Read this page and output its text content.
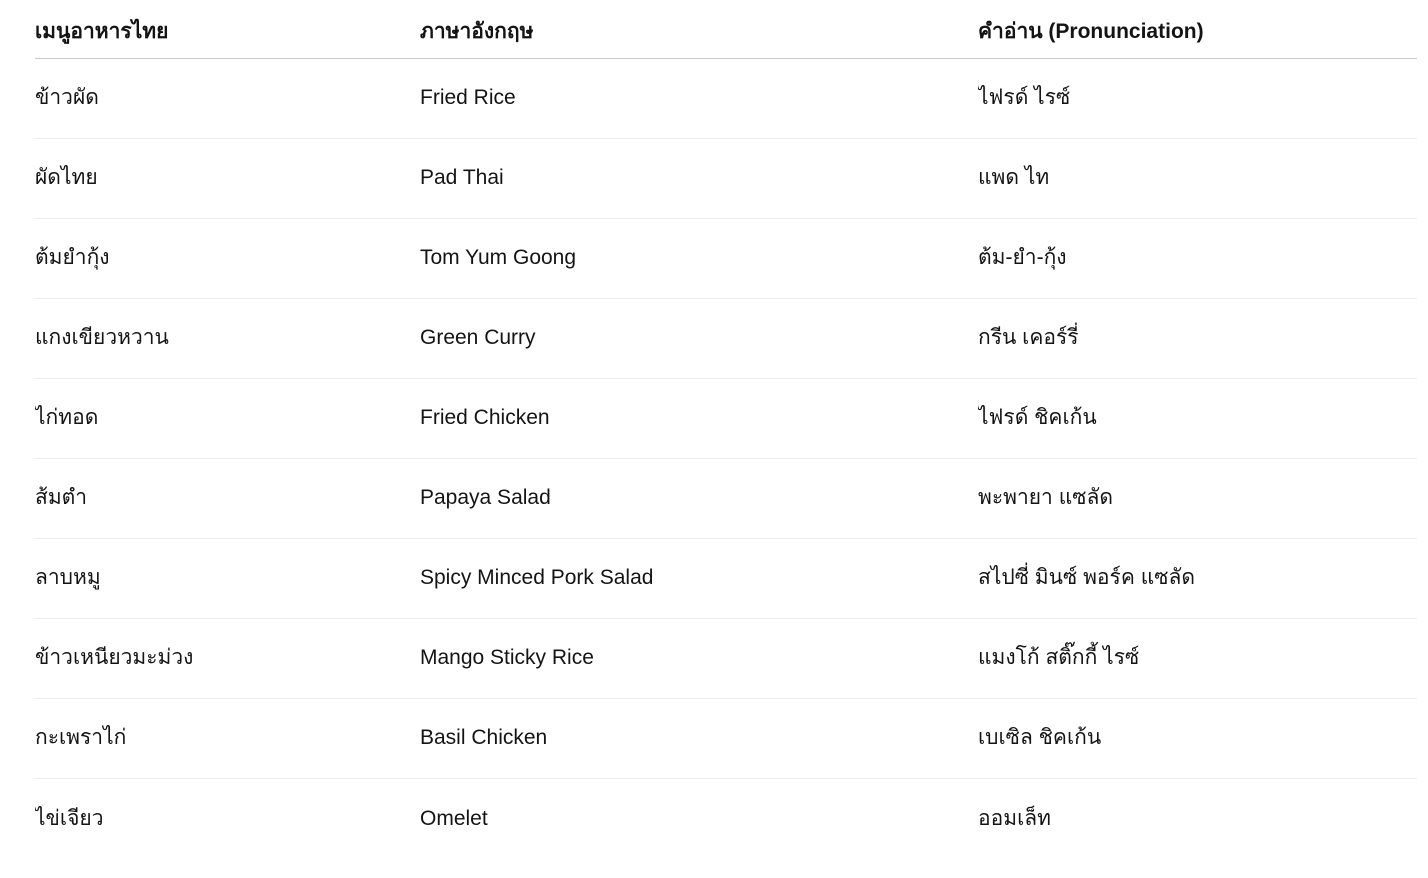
เมนูอาหารไทย	ภาษาอังกฤษ	คำอ่าน (Pronunciation)
ข้าวผัด	Fried Rice	ไฟรด์ ไรซ์
ผัดไทย	Pad Thai	แพด ไท
ต้มยำกุ้ง	Tom Yum Goong	ต้ม-ยำ-กุ้ง
แกงเขียวหวาน	Green Curry	กรีน เคอร์รี่
ไก่ทอด	Fried Chicken	ไฟรด์ ชิคเก้น
ส้มตำ	Papaya Salad	พะพายา แซลัด
ลาบหมู	Spicy Minced Pork Salad	สไปซี่ มินซ์ พอร์ค แซลัด
ข้าวเหนียวมะม่วง	Mango Sticky Rice	แมงโก้ สติ๊กกี้ ไรซ์
กะเพราไก่	Basil Chicken	เบเซิล ชิคเก้น
ไข่เจียว	Omelet	ออมเล็ท
